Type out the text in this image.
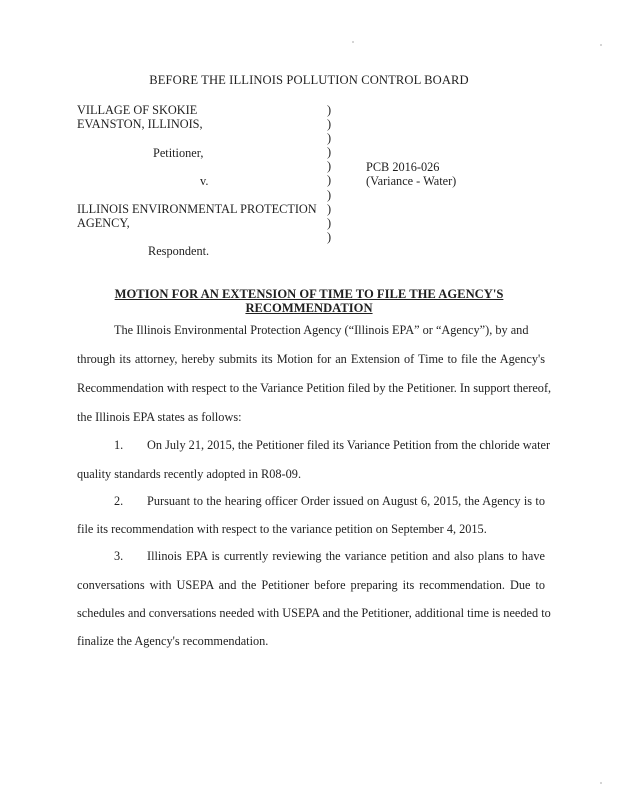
BEFORE THE ILLINOIS POLLUTION CONTROL BOARD
VILLAGE OF SKOKIE
EVANSTON, ILLINOIS,
Petitioner,
v.
ILLINOIS ENVIRONMENTAL PROTECTION
AGENCY,
Respondent.
)
)
)
)
)
)
)
)
)
)
PCB 2016-026
(Variance - Water)
MOTION FOR AN EXTENSION OF TIME TO FILE THE AGENCY'S
RECOMMENDATION
The Illinois Environmental Protection Agency (“Illinois EPA” or “Agency”), by and
through its attorney, hereby submits its Motion for an Extension of Time to file the Agency's
Recommendation with respect to the Variance Petition filed by the Petitioner. In support thereof,
the Illinois EPA states as follows:
1. On July 21, 2015, the Petitioner filed its Variance Petition from the chloride water
quality standards recently adopted in R08-09.
2. Pursuant to the hearing officer Order issued on August 6, 2015, the Agency is to
file its recommendation with respect to the variance petition on September 4, 2015.
3. Illinois EPA is currently reviewing the variance petition and also plans to have
conversations with USEPA and the Petitioner before preparing its recommendation. Due to
schedules and conversations needed with USEPA and the Petitioner, additional time is needed to
finalize the Agency's recommendation.
